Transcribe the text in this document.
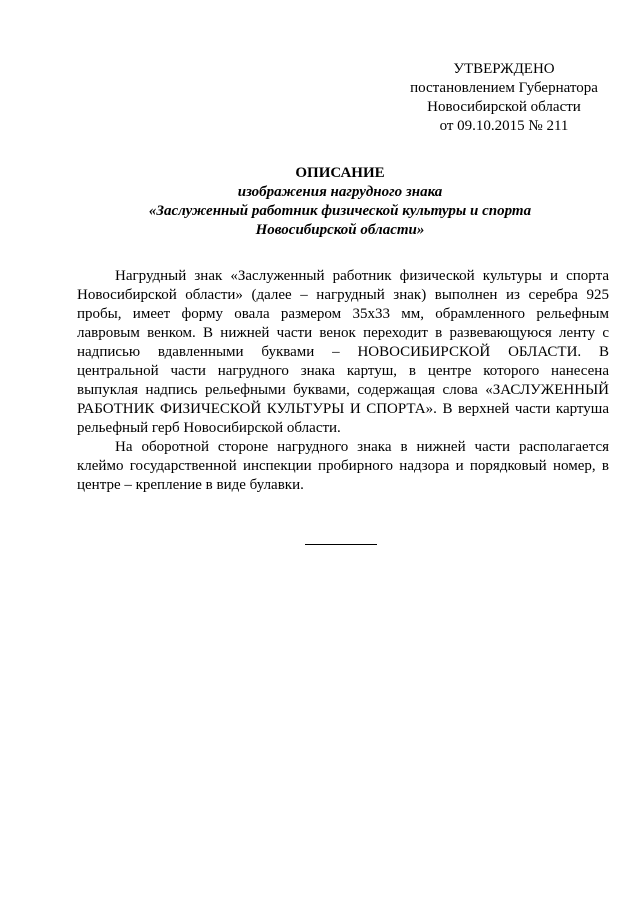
УТВЕРЖДЕНО
постановлением Губернатора
Новосибирской области
от 09.10.2015 № 211
ОПИСАНИЕ
изображения нагрудного знака
«Заслуженный работник физической культуры и спорта
Новосибирской области»

Нагрудный знак «Заслуженный работник физической культуры и спорта Новосибирской области» (далее – нагрудный знак) выполнен из серебра 925 пробы, имеет форму овала размером 35х33 мм, обрамленного рельефным лавровым венком. В нижней части венок переходит в развевающуюся ленту с надписью вдавленными буквами – НОВОСИБИРСКОЙ ОБЛАСТИ. В центральной части нагрудного знака картуш, в центре которого нанесена выпуклая надпись рельефными буквами, содержащая слова «ЗАСЛУЖЕННЫЙ РАБОТНИК ФИЗИЧЕСКОЙ КУЛЬТУРЫ И СПОРТА». В верхней части картуша рельефный герб Новосибирской области.

На оборотной стороне нагрудного знака в нижней части располагается клеймо государственной инспекции пробирного надзора и порядковый номер, в центре – крепление в виде булавки.
